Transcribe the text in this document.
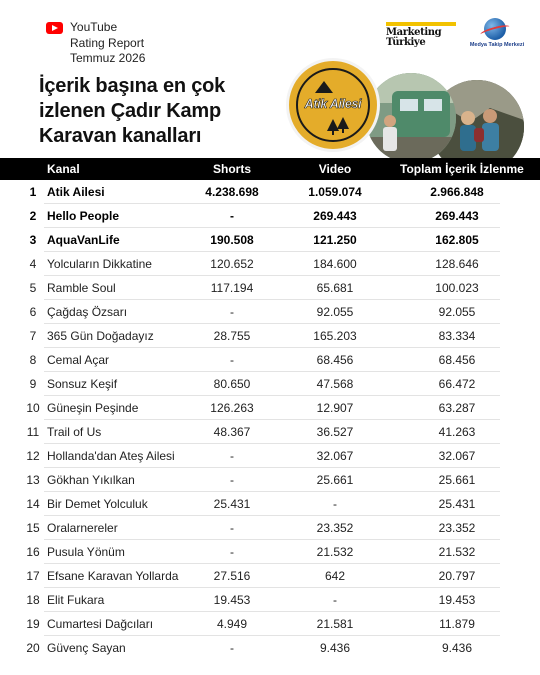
YouTube
Rating Report
Temmuz 2026
Marketing
Türkiye	Medya Takip Merkezi
İçerik başına en çok
izlenen Çadır Kamp
Karavan kanalları
Atik Ailesi
Kanal	Shorts	Video	Toplam İçerik İzlenme
1 Atik Ailesi	4.238.698	1.059.074	2.966.848
2 Hello People	-	269.443	269.443
3 AquaVanLife	190.508	121.250	162.805
4 Yolcuların Dikkatine	120.652	184.600	128.646
5 Ramble Soul	117.194	65.681	100.023
6 Çağdaş Özsarı	-	92.055	92.055
7 365 Gün Doğadayız	28.755	165.203	83.334
8 Cemal Açar	-	68.456	68.456
9 Sonsuz Keşif	80.650	47.568	66.472
10 Güneşin Peşinde	126.263	12.907	63.287
11 Trail of Us	48.367	36.527	41.263
12 Hollanda'dan Ateş Ailesi	-	32.067	32.067
13 Gökhan Yıkılkan	-	25.661	25.661
14 Bir Demet Yolculuk	25.431	-	25.431
15 Oralarnereler	-	23.352	23.352
16 Pusula Yönüm	-	21.532	21.532
17 Efsane Karavan Yollarda	27.516	642	20.797
18 Elit Fukara	19.453	-	19.453
19 Cumartesi Dağcıları	4.949	21.581	11.879
20 Güvenç Sayan	-	9.436	9.436
